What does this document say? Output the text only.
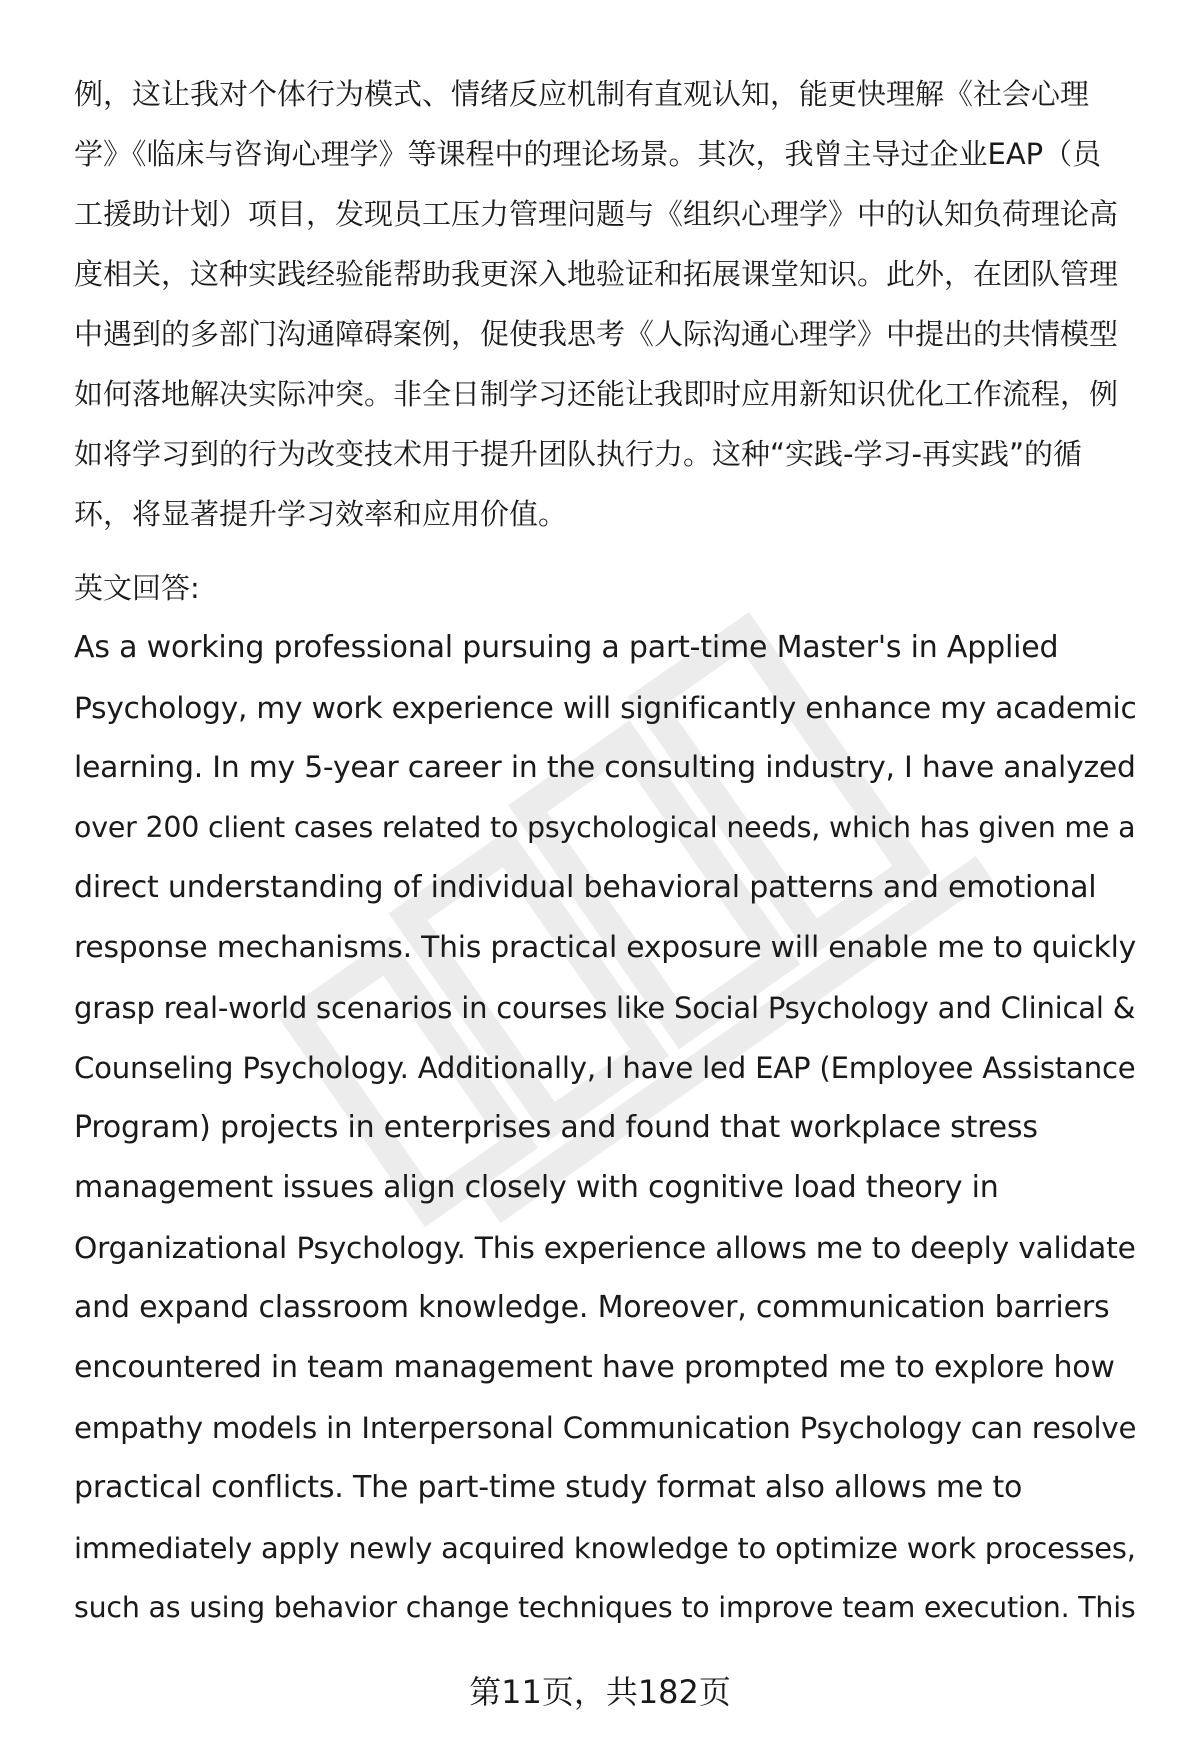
例，这让我对个体行为模式、情绪反应机制有直观认知，能更快理解《社会心理
学》《临床与咨询心理学》等课程中的理论场景。其次，我曾主导过企业EAP（员
工援助计划）项目，发现员工压力管理问题与《组织心理学》中的认知负荷理论高
度相关，这种实践经验能帮助我更深入地验证和拓展课堂知识。此外，在团队管理
中遇到的多部门沟通障碍案例，促使我思考《人际沟通心理学》中提出的共情模型
如何落地解决实际冲突。非全日制学习还能让我即时应用新知识优化工作流程，例
如将学习到的行为改变技术用于提升团队执行力。这种“实践-学习-再实践”的循
环，将显著提升学习效率和应用价值。
英文回答:
As a working professional pursuing a part-time Master's in Applied
Psychology, my work experience will significantly enhance my academic
learning. In my 5-year career in the consulting industry, I have analyzed
over 200 client cases related to psychological needs, which has given me a
direct understanding of individual behavioral patterns and emotional
response mechanisms. This practical exposure will enable me to quickly
grasp real-world scenarios in courses like Social Psychology and Clinical &
Counseling Psychology. Additionally, I have led EAP (Employee Assistance
Program) projects in enterprises and found that workplace stress
management issues align closely with cognitive load theory in
Organizational Psychology. This experience allows me to deeply validate
and expand classroom knowledge. Moreover, communication barriers
encountered in team management have prompted me to explore how
empathy models in Interpersonal Communication Psychology can resolve
practical conflicts. The part-time study format also allows me to
immediately apply newly acquired knowledge to optimize work processes,
such as using behavior change techniques to improve team execution. This
第11页，共182页
